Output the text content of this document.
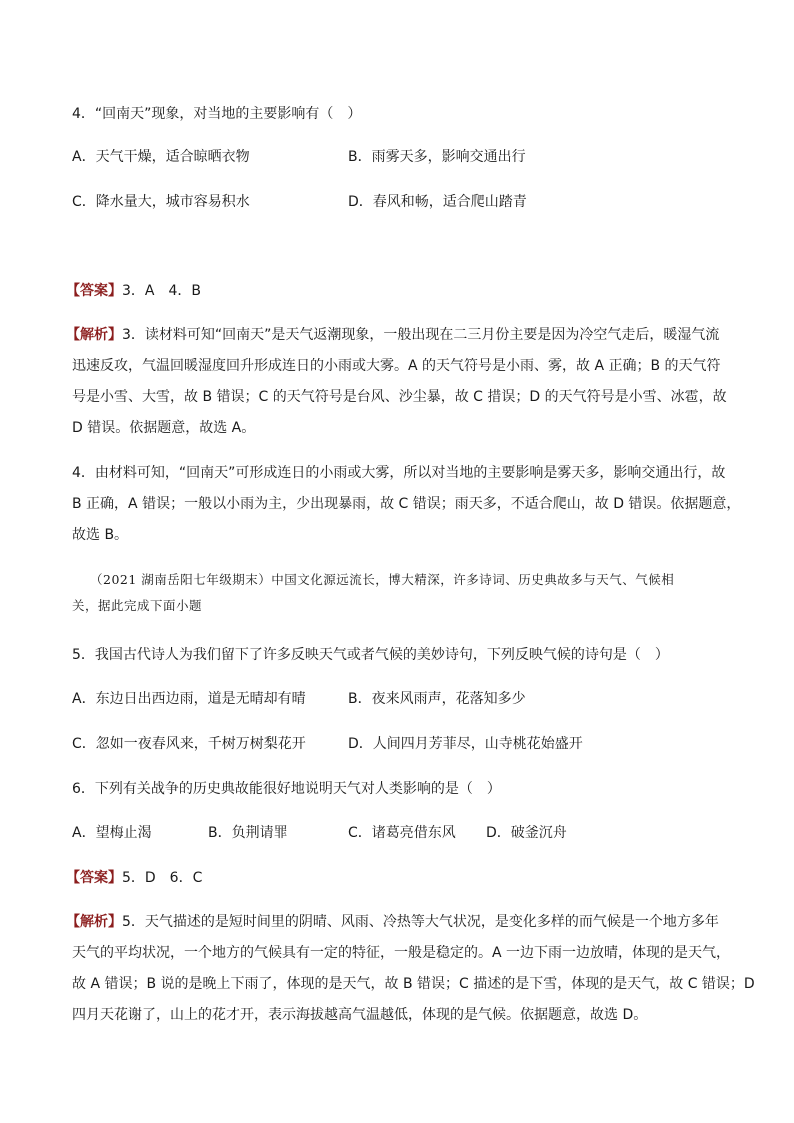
4．“回南天”现象，对当地的主要影响有（　）
A．天气干燥，适合晾晒衣物	B．雨雾天多，影响交通出行
C．降水量大，城市容易积水	D．春风和畅，适合爬山踏青
【答案】3．A　4．B
【解析】3．读材料可知“回南天”是天气返潮现象，一般出现在二三月份主要是因为冷空气走后，暖湿气流
迅速反攻，气温回暖湿度回升形成连日的小雨或大雾。A 的天气符号是小雨、雾，故 A 正确；B 的天气符
号是小雪、大雪，故 B 错误；C 的天气符号是台风、沙尘暴，故 C 措误；D 的天气符号是小雪、冰雹，故
D 错误。依据题意，故选 A。
4．由材料可知，“回南天”可形成连日的小雨或大雾，所以对当地的主要影响是雾天多，影响交通出行，故
B 正确，A 错误；一般以小雨为主，少出现暴雨，故 C 错误；雨天多，不适合爬山，故 D 错误。依据题意，
故选 B。
（2021 湖南岳阳七年级期末）中国文化源远流长，博大精深，许多诗词、历史典故多与天气、气候相
关，据此完成下面小题
5．我国古代诗人为我们留下了许多反映天气或者气候的美妙诗句，下列反映气候的诗句是（　）
A．东边日出西边雨，道是无晴却有晴	B．夜来风雨声，花落知多少
C．忽如一夜春风来，千树万树梨花开	D．人间四月芳菲尽，山寺桃花始盛开
6．下列有关战争的历史典故能很好地说明天气对人类影响的是（　）
A．望梅止渴	B．负荆请罪	C．诸葛亮借东风 D．破釜沉舟
【答案】5．D　6．C
【解析】5．天气描述的是短时间里的阴晴、风雨、冷热等大气状况，是变化多样的而气候是一个地方多年
天气的平均状况，一个地方的气候具有一定的特征，一般是稳定的。A 一边下雨一边放晴，体现的是天气，
故 A 错误；B 说的是晚上下雨了，体现的是天气，故 B 错误；C 描述的是下雪，体现的是天气，故 C 错误；D
四月天花谢了，山上的花才开，表示海拔越高气温越低，体现的是气候。依据题意，故选 D。
